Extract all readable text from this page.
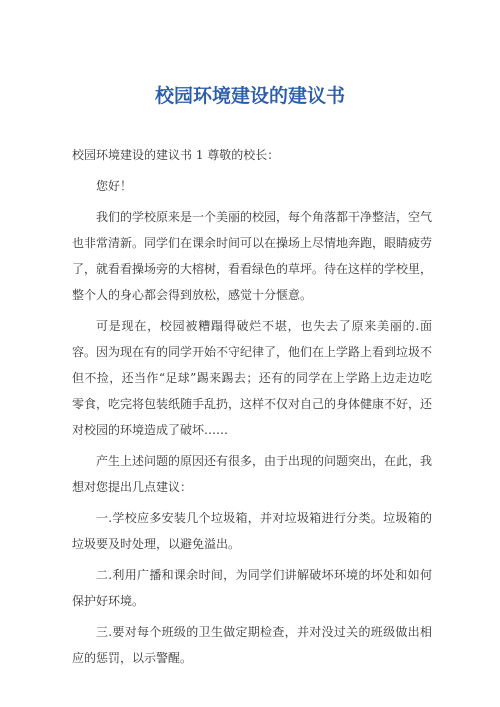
校园环境建设的建议书

校园环境建设的建议书 1 尊敬的校长：

您好！

我们的学校原来是一个美丽的校园，每个角落都干净整洁，空气也非常清新。同学们在课余时间可以在操场上尽情地奔跑，眼睛疲劳了，就看看操场旁的大榕树，看看绿色的草坪。待在这样的学校里，整个人的身心都会得到放松，感觉十分惬意。

可是现在，校园被糟蹋得破烂不堪，也失去了原来美丽的.面容。因为现在有的同学开始不守纪律了，他们在上学路上看到垃圾不但不捡，还当作“足球”踢来踢去；还有的同学在上学路上边走边吃零食，吃完将包装纸随手乱扔，这样不仅对自己的身体健康不好，还对校园的环境造成了破坏……

产生上述问题的原因还有很多，由于出现的问题突出，在此，我想对您提出几点建议：

一.学校应多安装几个垃圾箱，并对垃圾箱进行分类。垃圾箱的垃圾要及时处理，以避免溢出。

二.利用广播和课余时间，为同学们讲解破坏环境的坏处和如何保护好环境。

三.要对每个班级的卫生做定期检查，并对没过关的班级做出相应的惩罚，以示警醒。
